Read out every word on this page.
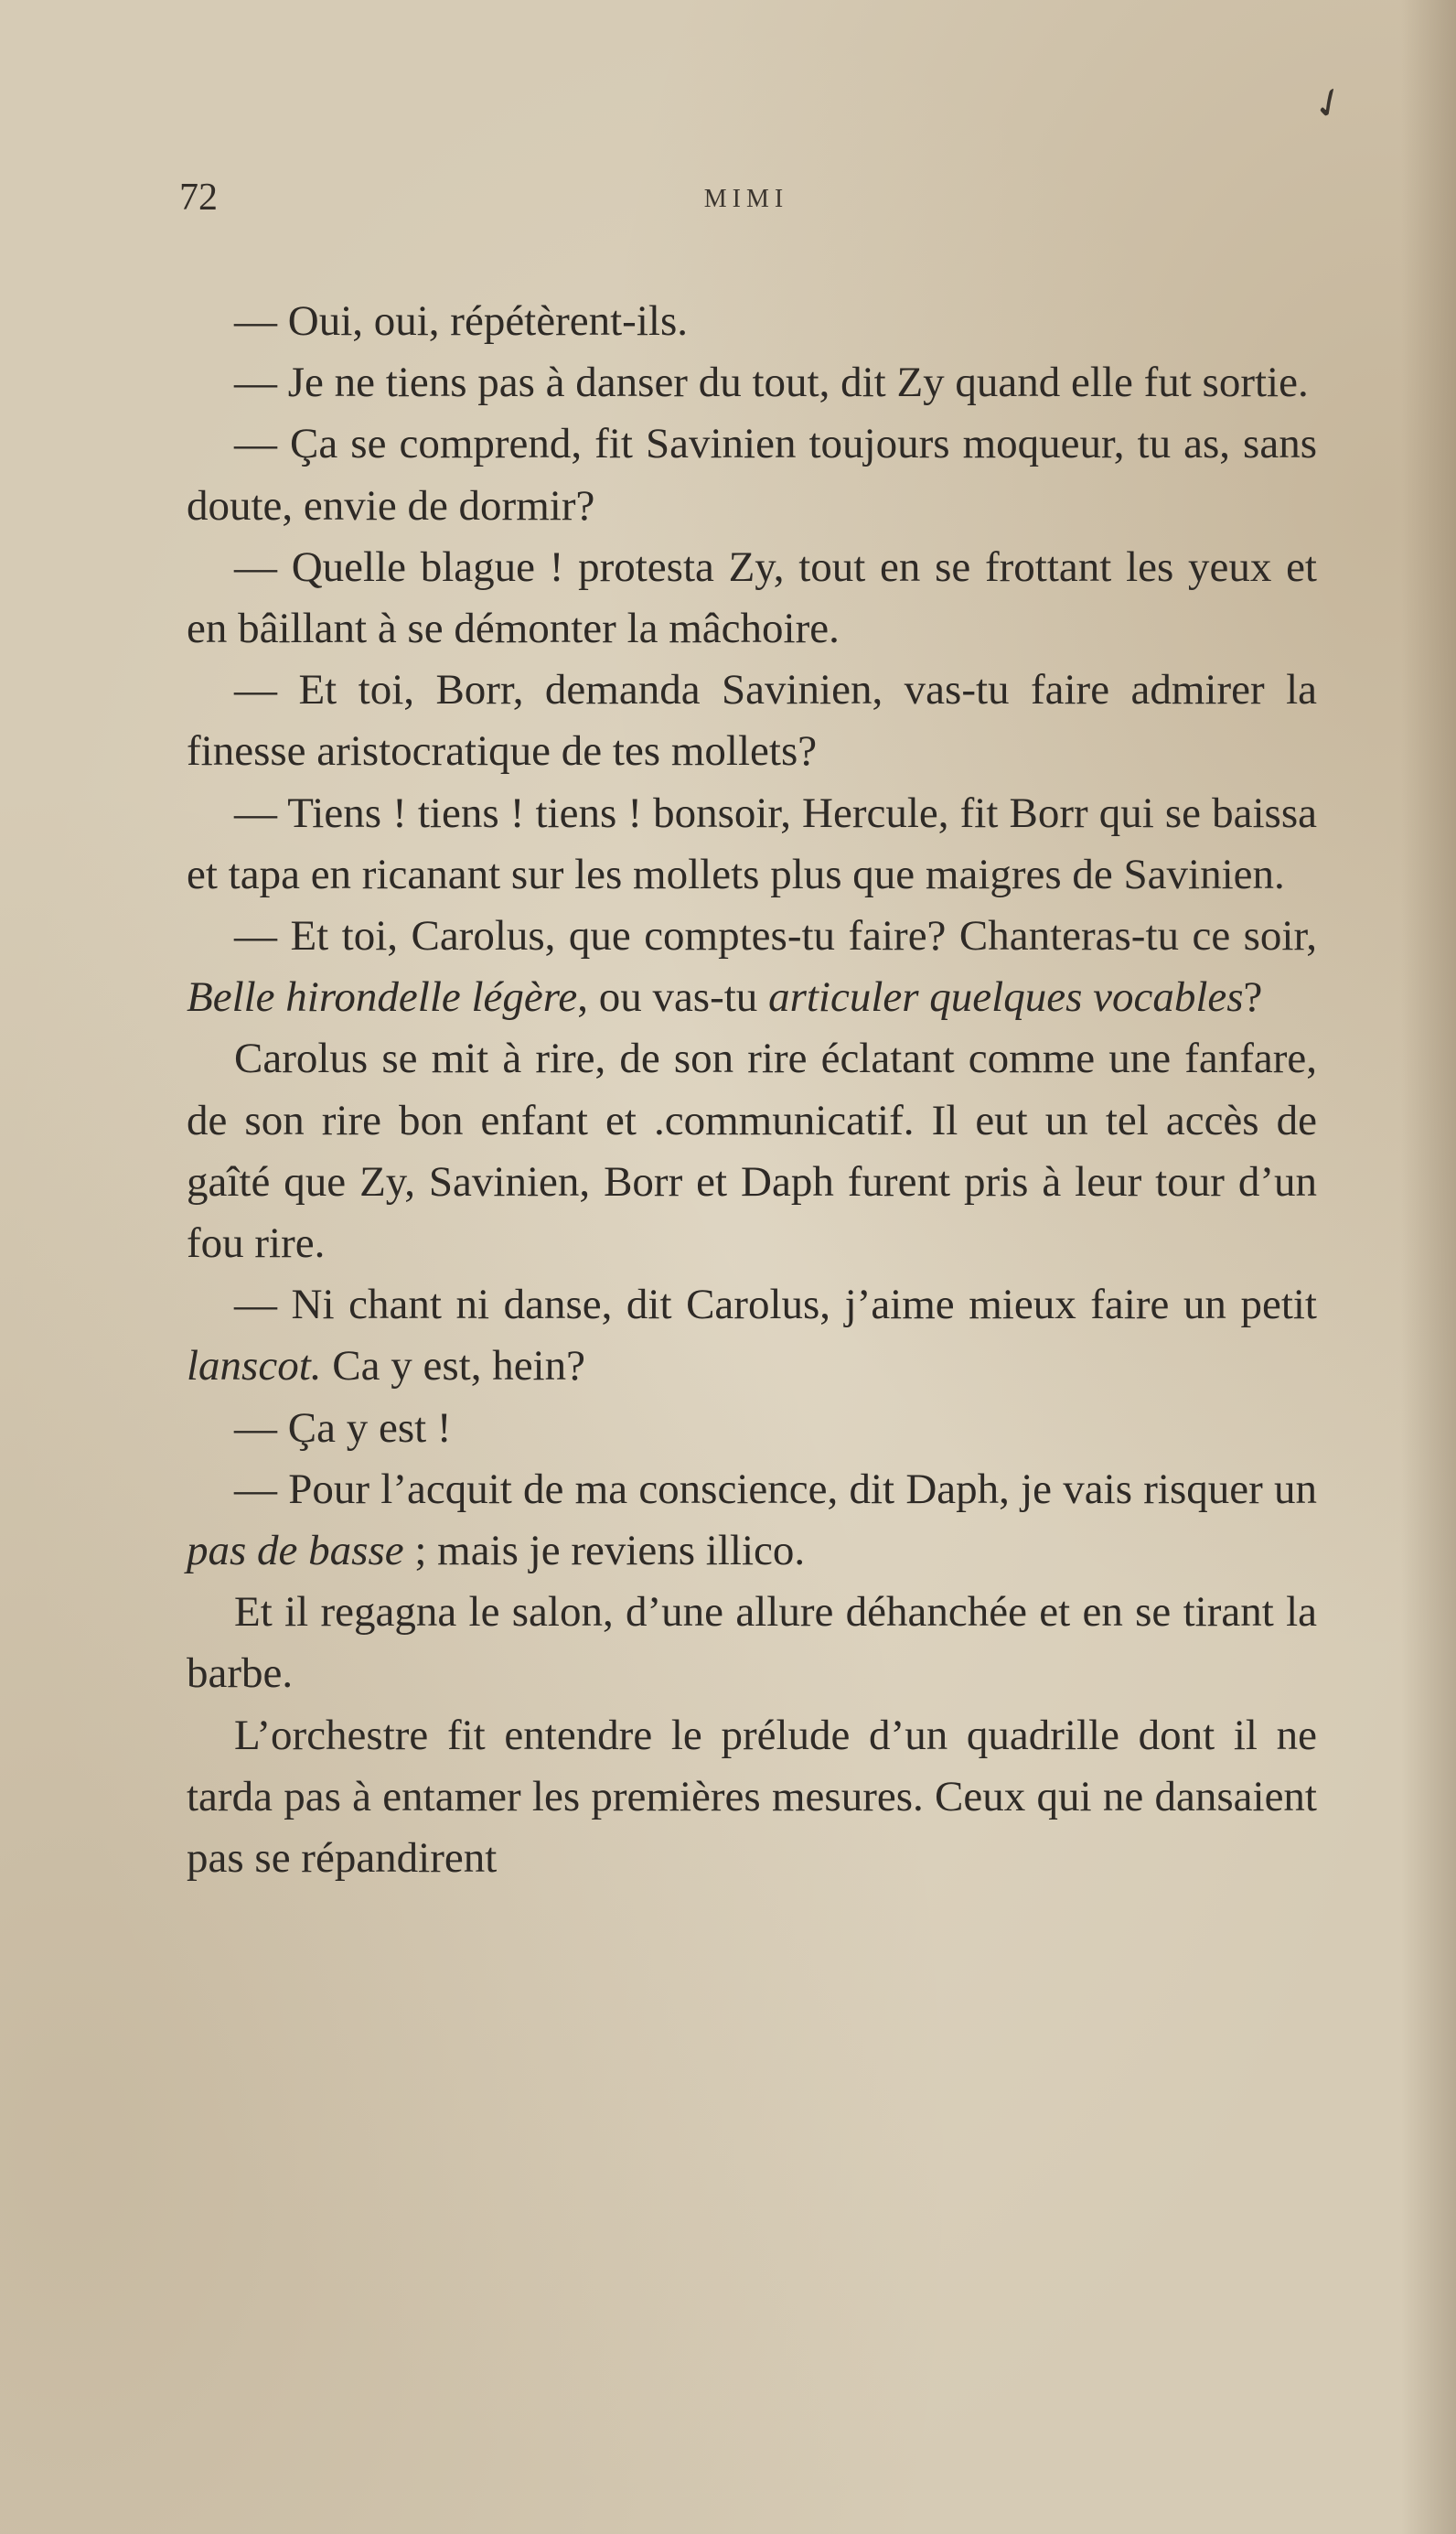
✓
72	MIMI

— Oui, oui, répétèrent-ils.

— Je ne tiens pas à danser du tout, dit Zy quand elle fut sortie.

— Ça se comprend, fit Savinien toujours moqueur, tu as, sans doute, envie de dormir?

— Quelle blague ! protesta Zy, tout en se frottant les yeux et en bâillant à se démonter la mâchoire.

— Et toi, Borr, demanda Savinien, vas-tu faire admirer la finesse aristocratique de tes mollets?

— Tiens ! tiens ! tiens ! bonsoir, Hercule, fit Borr qui se baissa et tapa en ricanant sur les mollets plus que maigres de Savinien.

— Et toi, Carolus, que comptes-tu faire? Chanteras-tu ce soir, Belle hirondelle légère, ou vas-tu articuler quelques vocables?

Carolus se mit à rire, de son rire éclatant comme une fanfare, de son rire bon enfant et .communicatif. Il eut un tel accès de gaîté que Zy, Savinien, Borr et Daph furent pris à leur tour d’un fou rire.

— Ni chant ni danse, dit Carolus, j’aime mieux faire un petit lanscot. Ca y est, hein?

— Ça y est !

— Pour l’acquit de ma conscience, dit Daph, je vais risquer un pas de basse ; mais je reviens illico.

Et il regagna le salon, d’une allure déhanchée et en se tirant la barbe.

L’orchestre fit entendre le prélude d’un quadrille dont il ne tarda pas à entamer les premières mesures. Ceux qui ne dansaient pas se répandirent
